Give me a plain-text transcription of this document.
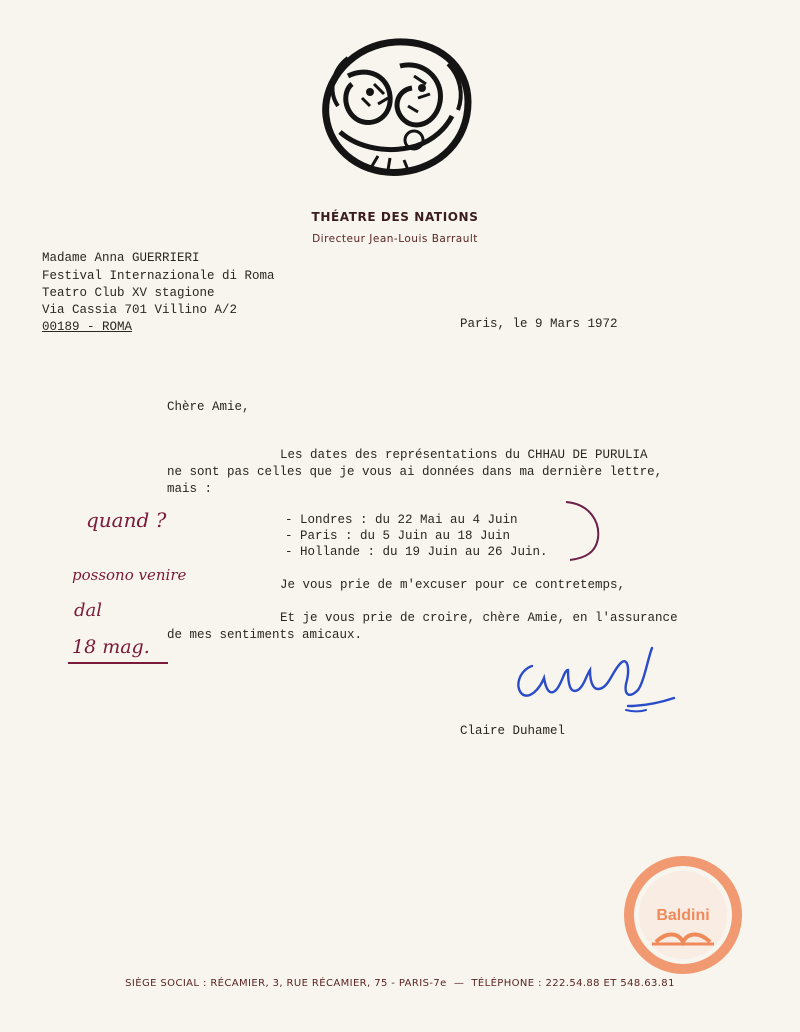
THÉATRE DES NATIONS
Directeur Jean-Louis Barrault
Madame Anna GUERRIERI
Festival Internazionale di Roma
Teatro Club XV stagione
Via Cassia 701 Villino A/2
00189 - ROMA	Paris, le 9 Mars 1972
Chère Amie,
Les dates des représentations du CHHAU DE PURULIA
ne sont pas celles que je vous ai données dans ma dernière lettre,
mais :
- Londres : du 22 Mai au 4 Juin
- Paris : du 5 Juin au 18 Juin
- Hollande : du 19 Juin au 26 Juin.
Je vous prie de m'excuser pour ce contretemps,
Et je vous prie de croire, chère Amie, en l'assurance
de mes sentiments amicaux.
quand ?
possono venire
dal
18 mag.
Claire Duhamel
Baldini
SIÈGE SOCIAL : RÉCAMIER, 3, RUE RÉCAMIER, 75 - PARIS-7e  —  TÉLÉPHONE : 222.54.88 ET 548.63.81
